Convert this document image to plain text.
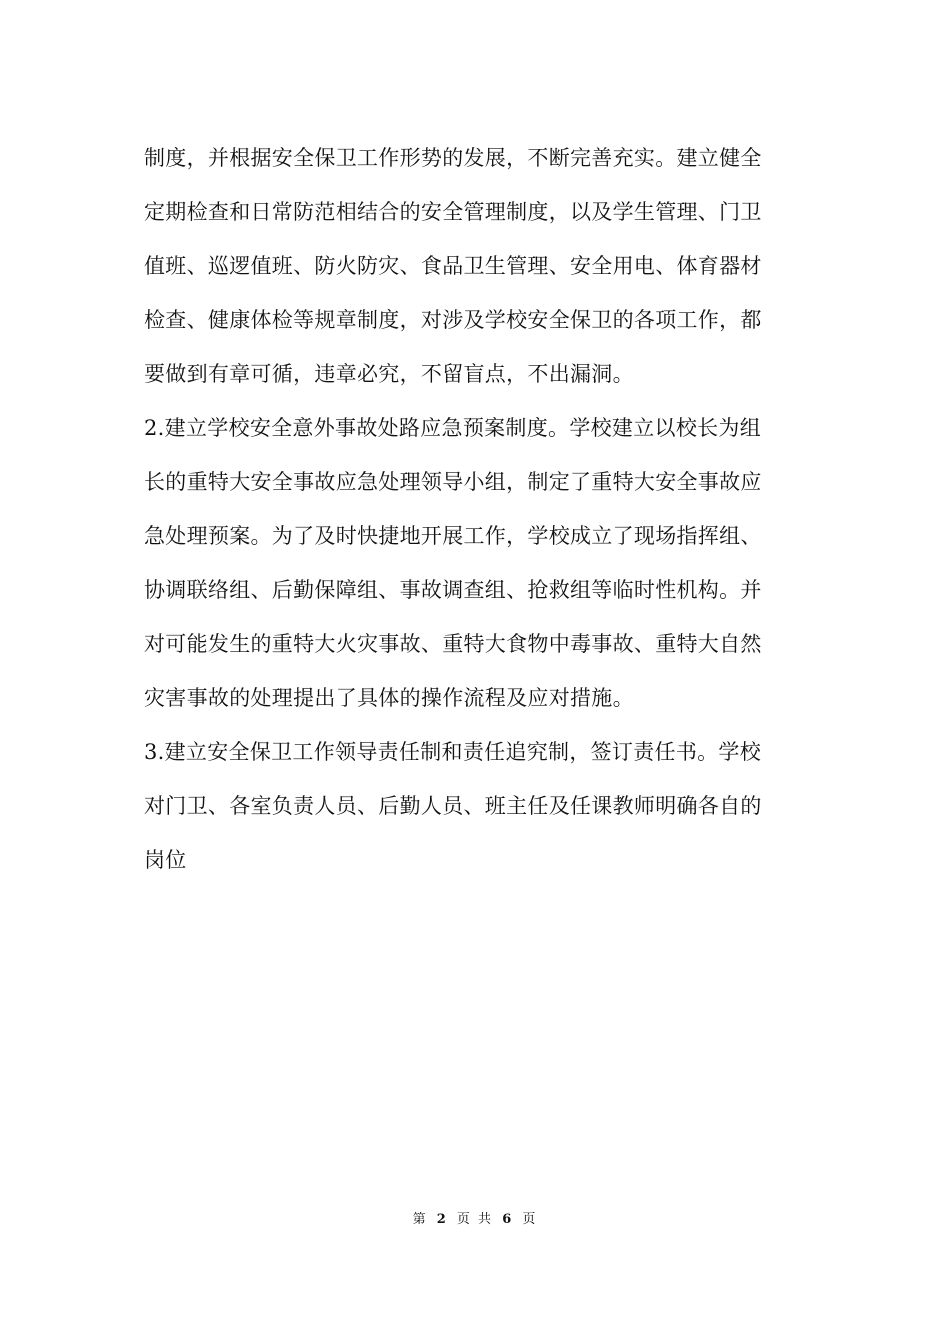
制度，并根据安全保卫工作形势的发展，不断完善充实。建立健全
定期检查和日常防范相结合的安全管理制度，以及学生管理、门卫
值班、巡逻值班、防火防灾、食品卫生管理、安全用电、体育器材
检查、健康体检等规章制度，对涉及学校安全保卫的各项工作，都
要做到有章可循，违章必究，不留盲点，不出漏洞。
2.建立学校安全意外事故处路应急预案制度。学校建立以校长为组
长的重特大安全事故应急处理领导小组，制定了重特大安全事故应
急处理预案。为了及时快捷地开展工作，学校成立了现场指挥组、
协调联络组、后勤保障组、事故调查组、抢救组等临时性机构。并
对可能发生的重特大火灾事故、重特大食物中毒事故、重特大自然
灾害事故的处理提出了具体的操作流程及应对措施。
3.建立安全保卫工作领导责任制和责任追究制，签订责任书。学校
对门卫、各室负责人员、后勤人员、班主任及任课教师明确各自的
岗位
第 2 页 共 6 页
